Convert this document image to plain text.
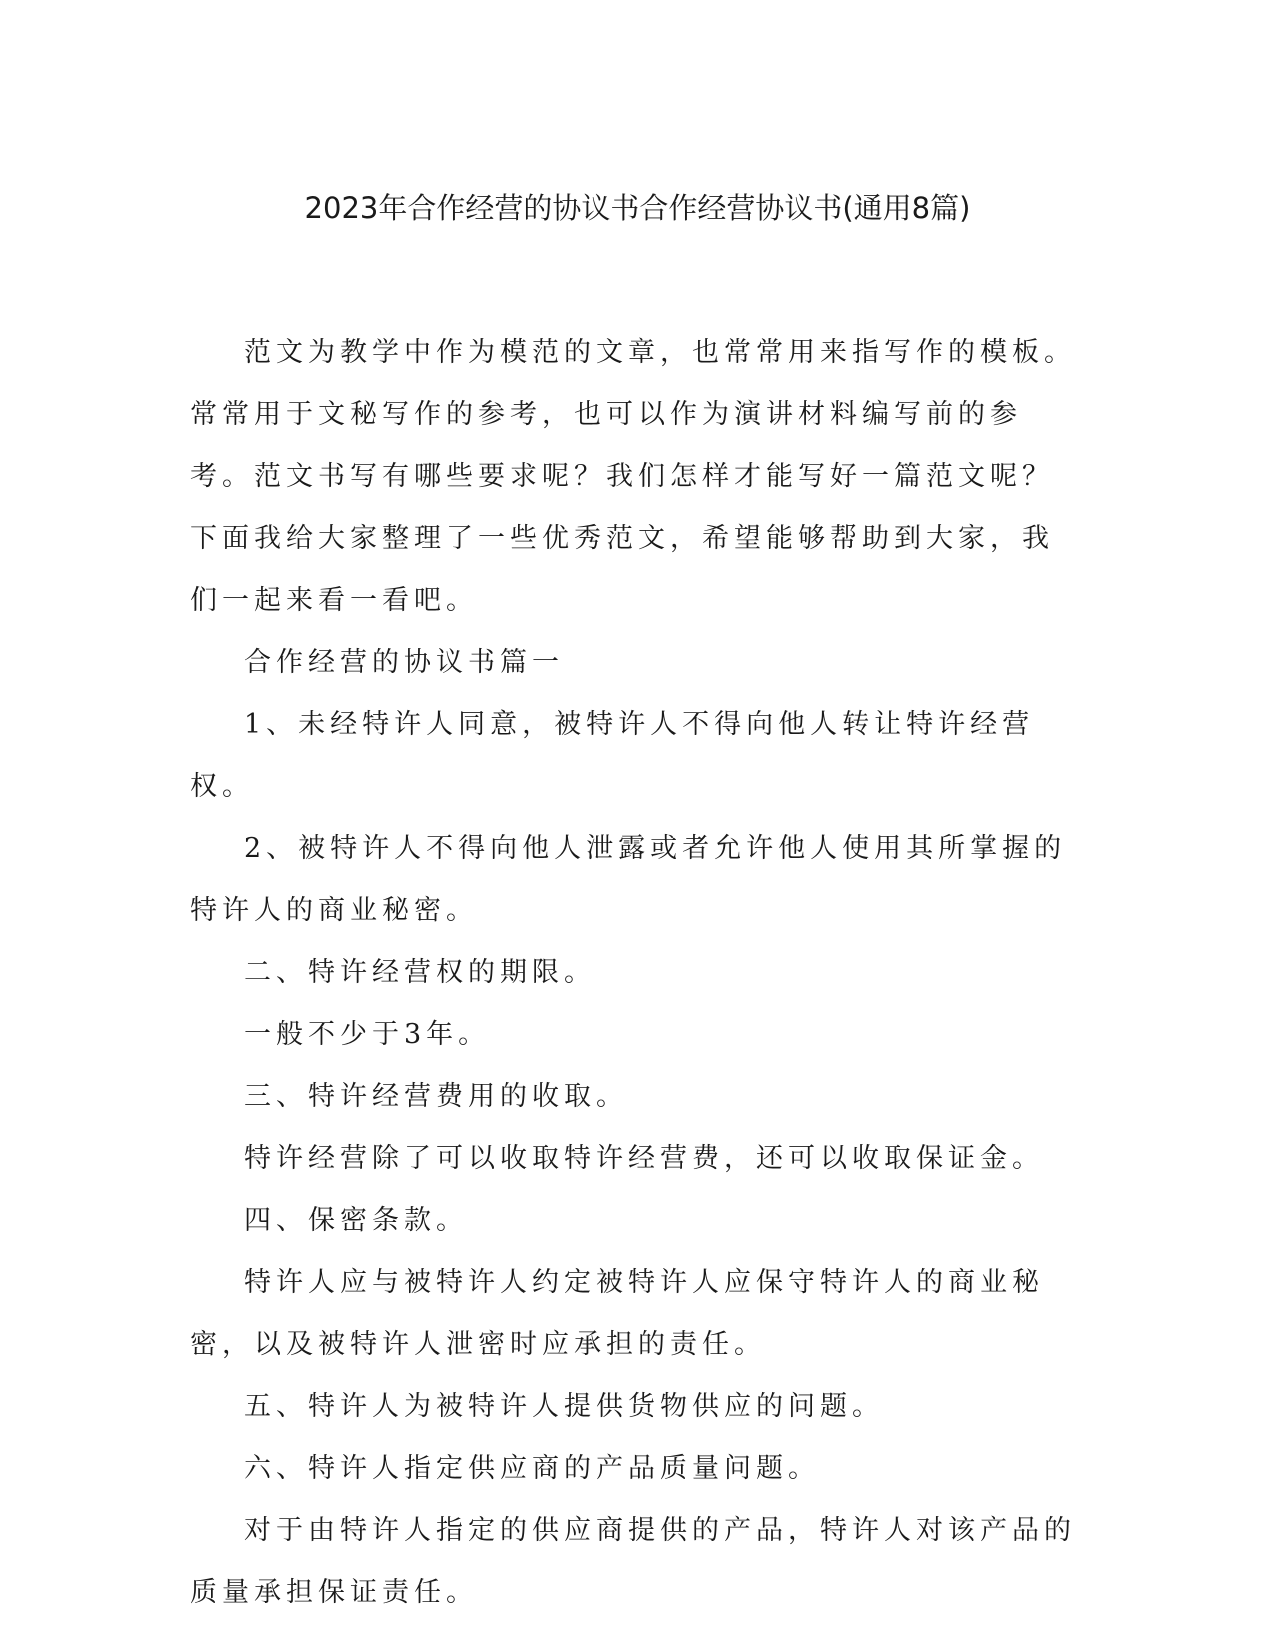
2023年合作经营的协议书合作经营协议书(通用8篇)

范文为教学中作为模范的文章，也常常用来指写作的模板。常常用于文秘写作的参考，也可以作为演讲材料编写前的参考。范文书写有哪些要求呢？我们怎样才能写好一篇范文呢？下面我给大家整理了一些优秀范文，希望能够帮助到大家，我们一起来看一看吧。

合作经营的协议书篇一

1、未经特许人同意，被特许人不得向他人转让特许经营权。

2、被特许人不得向他人泄露或者允许他人使用其所掌握的特许人的商业秘密。

二、特许经营权的期限。

一般不少于3年。

三、特许经营费用的收取。

特许经营除了可以收取特许经营费，还可以收取保证金。

四、保密条款。

特许人应与被特许人约定被特许人应保守特许人的商业秘密，以及被特许人泄密时应承担的责任。

五、特许人为被特许人提供货物供应的问题。

六、特许人指定供应商的产品质量问题。

对于由特许人指定的供应商提供的产品，特许人对该产品的质量承担保证责任。
